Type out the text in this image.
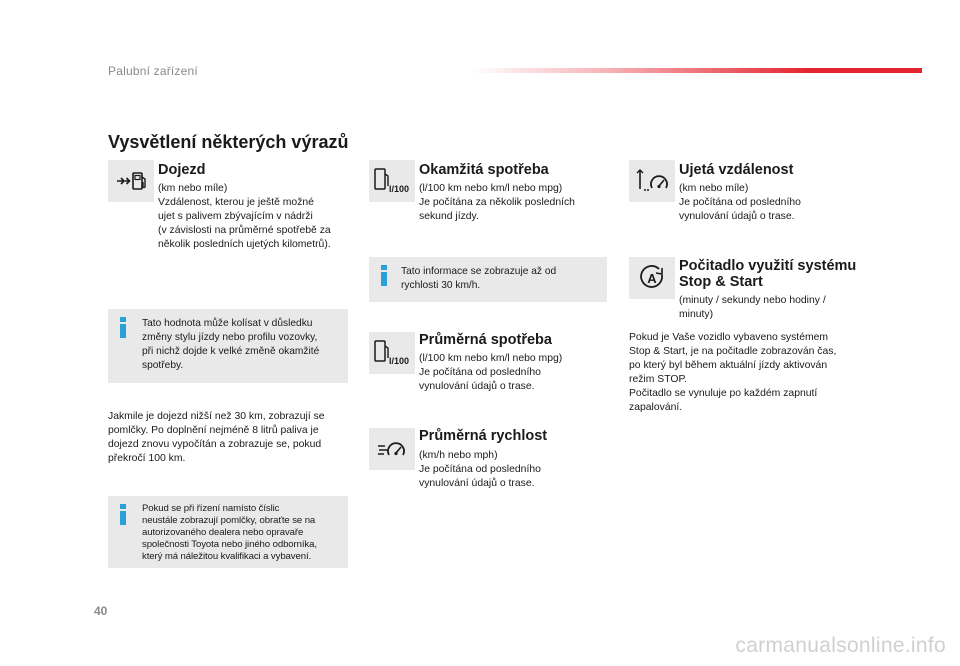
Palubní zařízení
Vysvětlení některých výrazů
Dojezd
(km nebo míle)
Vzdálenost, kterou je ještě možné
ujet s palivem zbývajícím v nádrži
(v závislosti na průměrné spotřebě za
několik posledních ujetých kilometrů).
Tato hodnota může kolísat v důsledku
změny stylu jízdy nebo profilu vozovky,
při nichž dojde k velké změně okamžité
spotřeby.
Jakmile je dojezd nižší než 30 km, zobrazují se
pomlčky. Po doplnění nejméně 8 litrů paliva je
dojezd znovu vypočítán a zobrazuje se, pokud
překročí 100 km.
Pokud se při řízení namísto číslic
neustále zobrazují pomlčky, obraťte se na
autorizovaného dealera nebo opravaře
společnosti Toyota nebo jiného odborníka,
který má náležitou kvalifikaci a vybavení.
l/100
Okamžitá spotřeba
(l/100 km nebo km/l nebo mpg)
Je počítána za několik posledních
sekund jízdy.
Tato informace se zobrazuje až od
rychlosti 30 km/h.
l/100
Průměrná spotřeba
(l/100 km nebo km/l nebo mpg)
Je počítána od posledního
vynulování údajů o trase.
Průměrná rychlost
(km/h nebo mph)
Je počítána od posledního
vynulování údajů o trase.
Ujetá vzdálenost
(km nebo míle)
Je počítána od posledního
vynulování údajů o trase.
A
Počitadlo využití systému
Stop & Start
(minuty / sekundy nebo hodiny /
minuty)
Pokud je Vaše vozidlo vybaveno systémem
Stop & Start, je na počitadle zobrazován čas,
po který byl během aktuální jízdy aktivován
režim STOP.
Počitadlo se vynuluje po každém zapnutí
zapalování.
40
carmanualsonline.info
